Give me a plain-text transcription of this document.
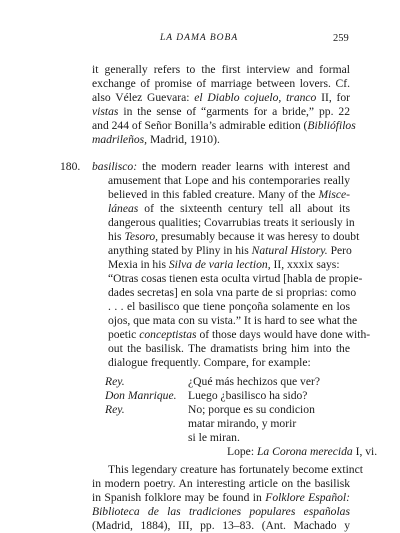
LA DAMA BOBA	259
it generally refers to the first interview and formal
exchange of promise of marriage between lovers. Cf.
also Vélez Guevara: el Diablo cojuelo, tranco II, for
vistas in the sense of “garments for a bride,” pp. 22
and 244 of Señor Bonilla’s admirable edition (Bibliófilos
madrileños, Madrid, 1910).
180. basilisco: the modern reader learns with interest and
amusement that Lope and his contemporaries really
believed in this fabled creature. Many of the Misce-
láneas of the sixteenth century tell all about its
dangerous qualities; Covarrubias treats it seriously in
his Tesoro, presumably because it was heresy to doubt
anything stated by Pliny in his Natural History. Pero
Mexia in his Silva de varia lection, II, xxxix says:
“Otras cosas tienen esta oculta virtud [habla de propie-
dades secretas] en sola vna parte de si proprias: como
. . . el basilisco que tiene ponçoña solamente en los
ojos, que mata con su vista.” It is hard to see what the
poetic conceptistas of those days would have done with-
out the basilisk. The dramatists bring him into the
dialogue frequently. Compare, for example:
Rey.	¿Qué más hechizos que ver?
Don Manrique. Luego ¿basilisco ha sido?
Rey.	No; porque es su condicion
matar mirando, y morir
si le miran.
Lope: La Corona merecida I, vi.
This legendary creature has fortunately become extinct
in modern poetry. An interesting article on the basilisk
in Spanish folklore may be found in Folklore Español:
Biblioteca de las tradiciones populares españolas
(Madrid, 1884), III, pp. 13–83. (Ant. Machado y
